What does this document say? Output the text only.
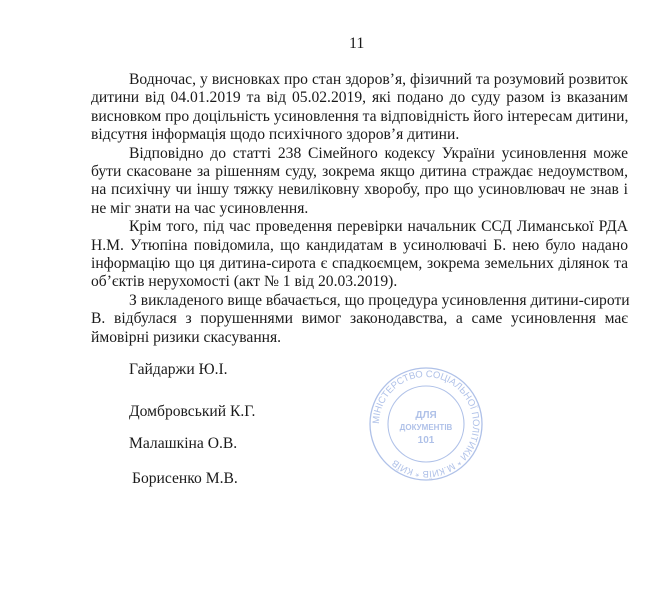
11
Водночас, у висновках про стан здоров’я, фізичний та розумовий розвиток
дитини від 04.01.2019 та від 05.02.2019, які подано до суду разом із вказаним
висновком про доцільність усиновлення та відповідність його інтересам дитини,
відсутня інформація щодо психічного здоров’я дитини.
Відповідно до статті 238 Сімейного кодексу України усиновлення може
бути скасоване за рішенням суду, зокрема якщо дитина страждає недоумством,
на психічну чи іншу тяжку невиліковну хворобу, про що усиновлювач не знав і
не міг знати на час усиновлення.
Крім того, під час проведення перевірки начальник ССД Лиманської РДА
Н.М. Утюпіна повідомила, що кандидатам в усинолювачі Б. нею було надано
інформацію що ця дитина-сирота є спадкоємцем, зокрема земельних ділянок та
об’єктів нерухомості (акт № 1 від 20.03.2019).
З викладеного вище вбачається, що процедура усиновлення дитини-сироти
В. відбулася з порушеннями вимог законодавства, а саме усиновлення має
ймовірні ризики скасування.
Гайдаржи Ю.І.
Домбровський К.Г.
Малашкіна О.В.
Борисенко М.В.
МІНІСТЕРСТВО СОЦІАЛЬНОЇ ПОЛІТИКИ * М.КИЇВ * КИЇВ
ДЛЯ
ДОКУМЕНТІВ
101
